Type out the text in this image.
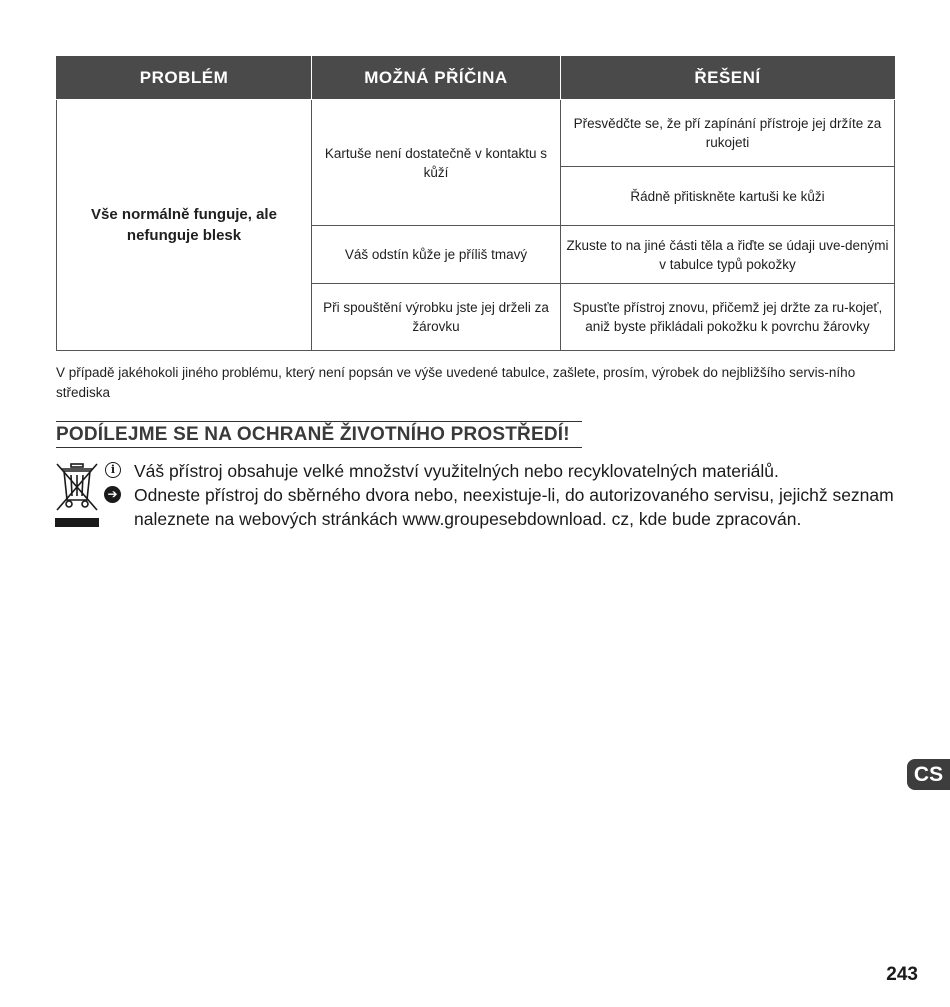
PROBLÉM	MOŽNÁ PŘÍČINA	ŘEŠENÍ
Vše normálně funguje, ale nefunguje blesk	Kartuše není dostatečně v kontaktu s kůží	Přesvědčte se, že pří zapínání přístroje jej držíte za rukojeti
		Řádně přitiskněte kartuši ke kůži
	Váš odstín kůže je příliš tmavý	Zkuste to na jiné části těla a řiďte se údaji uve-denými v tabulce typů pokožky
	Při spouštění výrobku jste jej drželi za žárovku	Spusťte přístroj znovu, přičemž jej držte za ru-kojeť, aniž byste přikládali pokožku k povrchu žárovky

V případě jakéhokoli jiného problému, který není popsán ve výše uvedené tabulce, zašlete, prosím, výrobek do nejbližšího servis-ního střediska

PODÍLEJME SE NA OCHRANĚ ŽIVOTNÍHO PROSTŘEDÍ!
i	Váš přístroj obsahuje velké množství využitelných nebo recyklovatelných materiálů.
➔ Odneste přístroj do sběrného dvora nebo, neexistuje-li, do autorizovaného servisu, jejichž seznam naleznete na webových stránkách www.groupesebdownload. cz, kde bude zpracován.
CS
243
